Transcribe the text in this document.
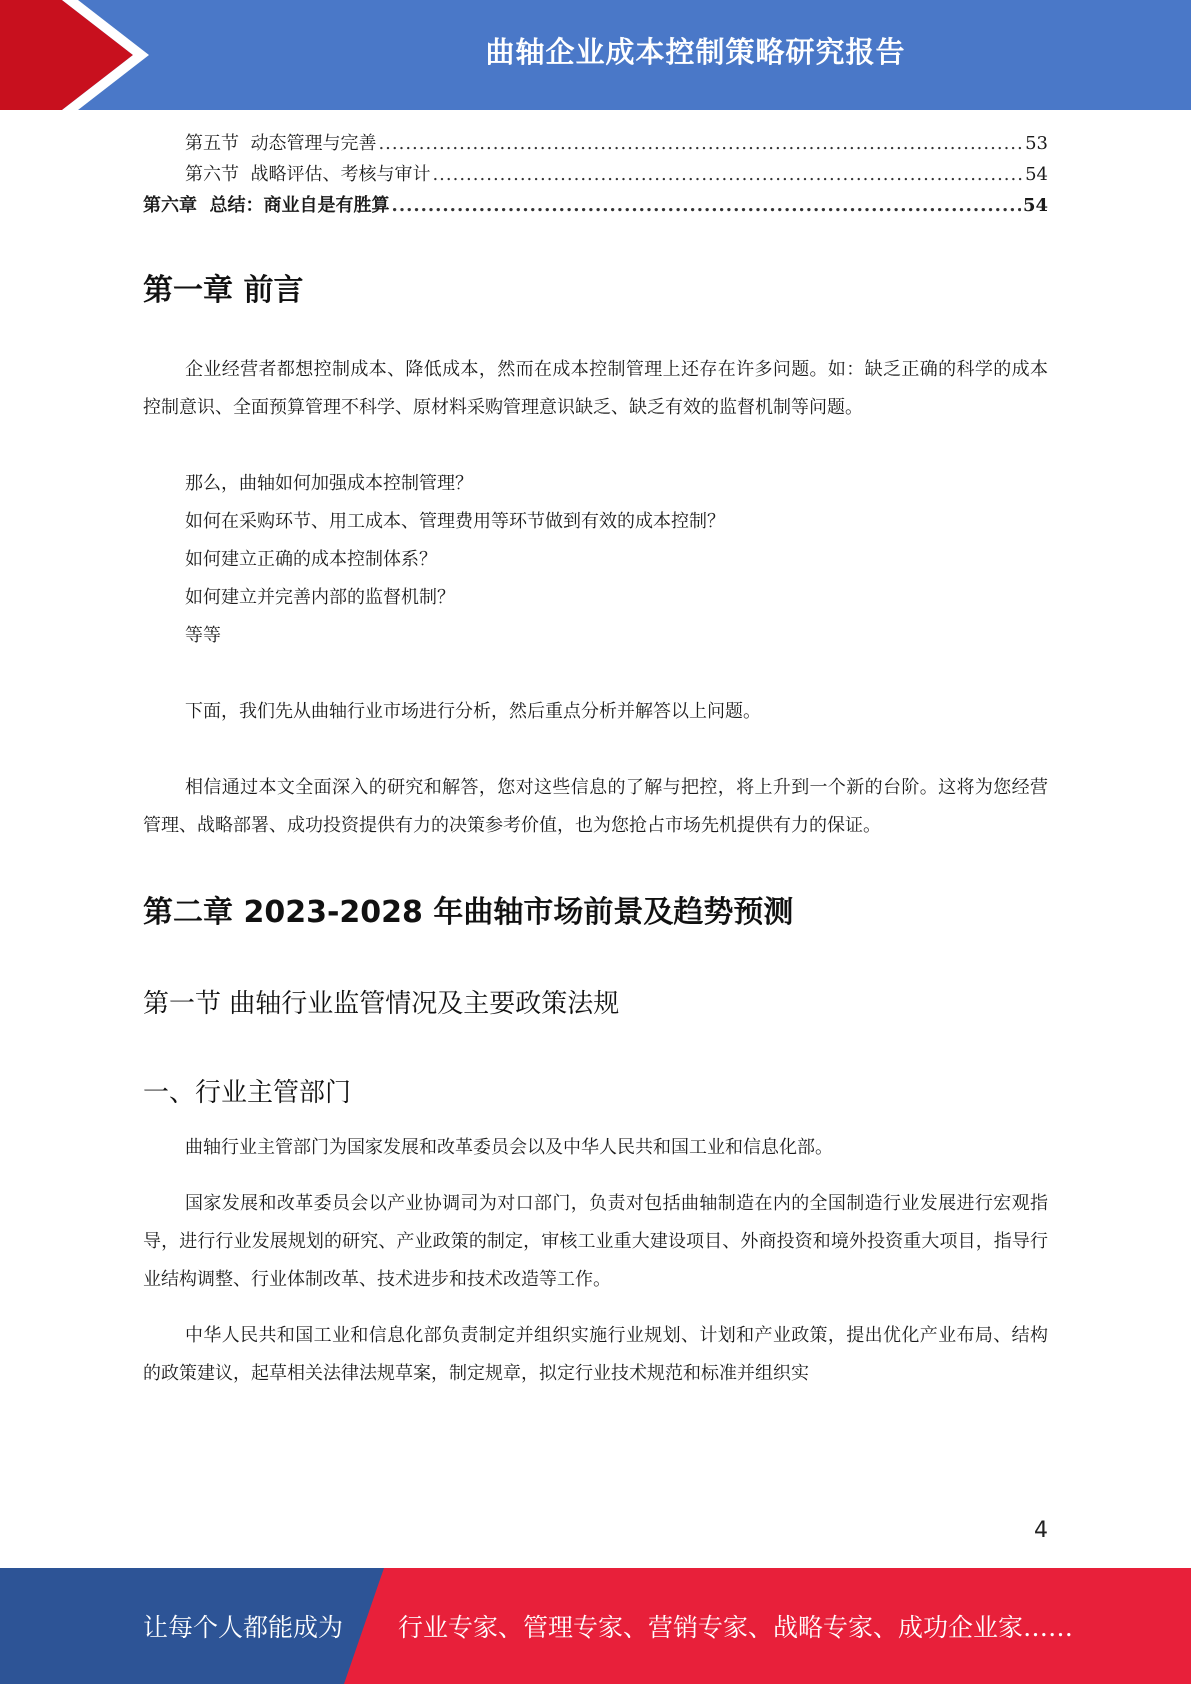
曲轴企业成本控制策略研究报告
第五节  动态管理与完善 .....	53
第六节  战略评估、考核与审计 .....	54
第六章  总结：商业自是有胜算 .....	54
第一章 前言

企业经营者都想控制成本、降低成本，然而在成本控制管理上还存在许多问题。如：缺乏正确的科学的成本控制意识、全面预算管理不科学、原材料采购管理意识缺乏、缺乏有效的监督机制等问题。

那么，曲轴如何加强成本控制管理？

如何在采购环节、用工成本、管理费用等环节做到有效的成本控制？

如何建立正确的成本控制体系？

如何建立并完善内部的监督机制？

等等

下面，我们先从曲轴行业市场进行分析，然后重点分析并解答以上问题。

相信通过本文全面深入的研究和解答，您对这些信息的了解与把控，将上升到一个新的台阶。这将为您经营管理、战略部署、成功投资提供有力的决策参考价值，也为您抢占市场先机提供有力的保证。

第二章 2023-2028 年曲轴市场前景及趋势预测
第一节 曲轴行业监管情况及主要政策法规
一、行业主管部门

曲轴行业主管部门为国家发展和改革委员会以及中华人民共和国工业和信息化部。

国家发展和改革委员会以产业协调司为对口部门，负责对包括曲轴制造在内的全国制造行业发展进行宏观指导，进行行业发展规划的研究、产业政策的制定，审核工业重大建设项目、外商投资和境外投资重大项目，指导行业结构调整、行业体制改革、技术进步和技术改造等工作。

中华人民共和国工业和信息化部负责制定并组织实施行业规划、计划和产业政策，提出优化产业布局、结构的政策建议，起草相关法律法规草案，制定规章，拟定行业技术规范和标准并组织实

4
让每个人都能成为 行业专家、管理专家、营销专家、战略专家、成功企业家……
